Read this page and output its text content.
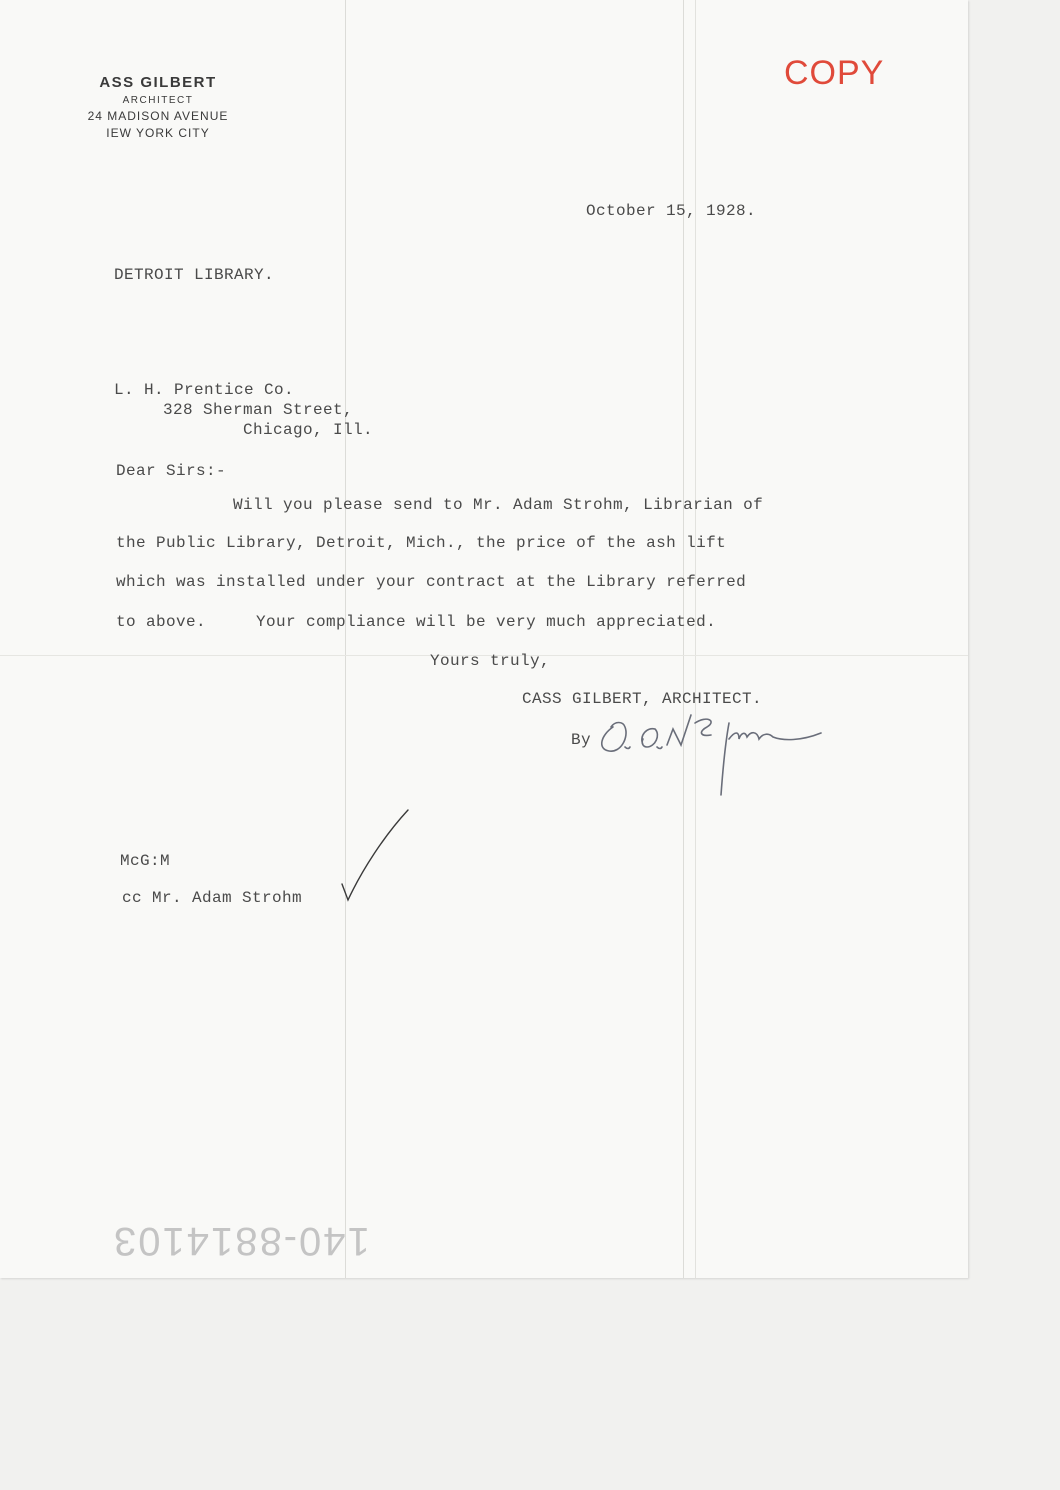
ASS GILBERT
ARCHITECT
24 MADISON AVENUE
IEW YORK CITY
COPY
October 15, 1928.
DETROIT LIBRARY.
L. H. Prentice Co.
328 Sherman Street,
Chicago, Ill.
Dear Sirs:-
Will you please send to Mr. Adam Strohm, Librarian of
the Public Library, Detroit, Mich., the price of the ash lift
which was installed under your contract at the Library referred
to above.     Your compliance will be very much appreciated.
Yours truly,
CASS GILBERT, ARCHITECT.
By
McG:M
cc Mr. Adam Strohm
140-8814103
